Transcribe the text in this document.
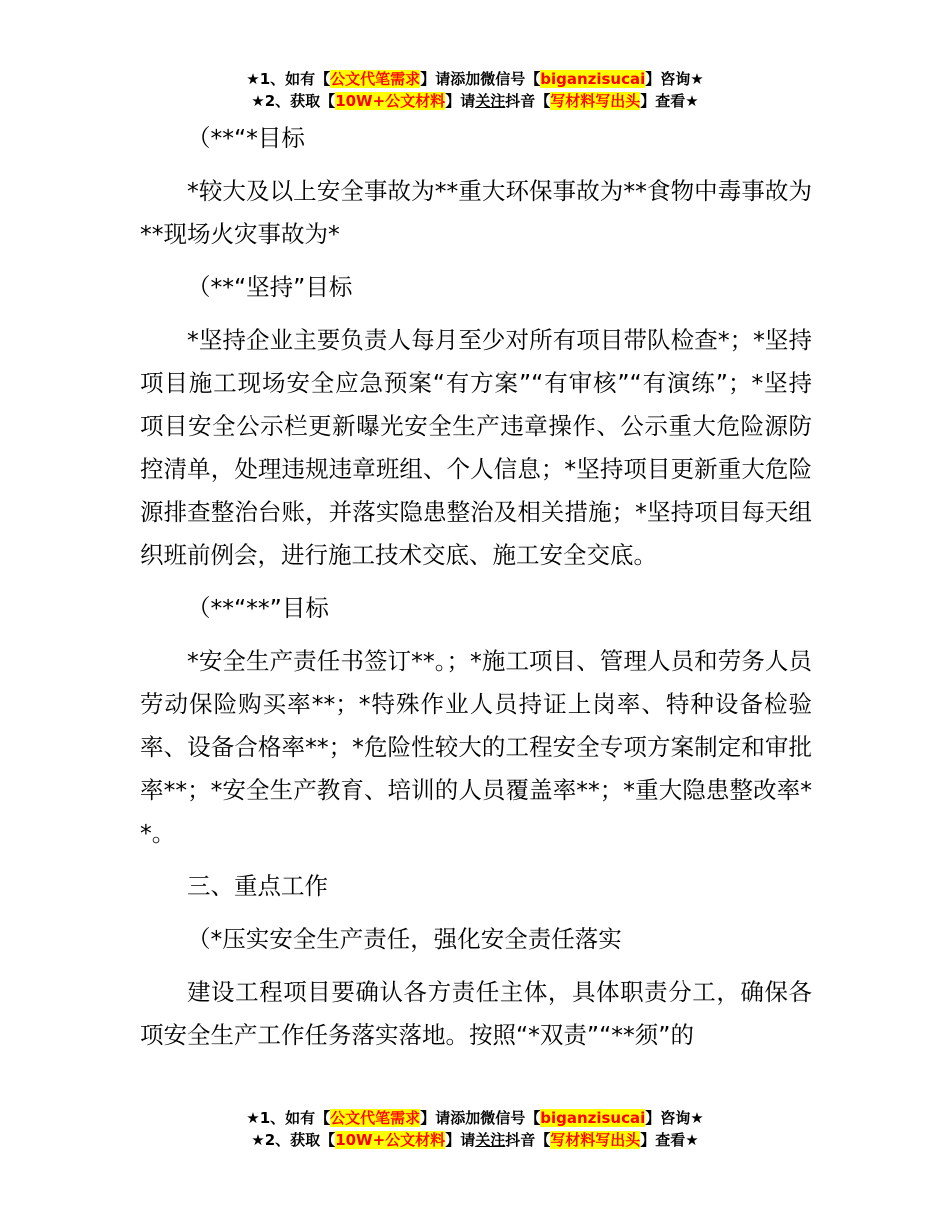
★1、如有【公文代笔需求】请添加微信号【biganzisucai】咨询★
★2、获取【10W+公文材料】请关注抖音【写材料写出头】查看★

（**“*目标

*较大及以上安全事故为**重大环保事故为**食物中毒事故为**现场火灾事故为*

（**“坚持”目标

*坚持企业主要负责人每月至少对所有项目带队检查*；*坚持项目施工现场安全应急预案“有方案”“有审核”“有演练”；*坚持项目安全公示栏更新曝光安全生产违章操作、公示重大危险源防控清单，处理违规违章班组、个人信息；*坚持项目更新重大危险源排查整治台账，并落实隐患整治及相关措施；*坚持项目每天组织班前例会，进行施工技术交底、施工安全交底。

（**“**”目标

*安全生产责任书签订**。；*施工项目、管理人员和劳务人员劳动保险购买率**；*特殊作业人员持证上岗率、特种设备检验率、设备合格率**；*危险性较大的工程安全专项方案制定和审批率**；*安全生产教育、培训的人员覆盖率**；*重大隐患整改率**。

三、重点工作

（*压实安全生产责任，强化安全责任落实

建设工程项目要确认各方责任主体，具体职责分工，确保各项安全生产工作任务落实落地。按照“*双责”“**须”的

★1、如有【公文代笔需求】请添加微信号【biganzisucai】咨询★
★2、获取【10W+公文材料】请关注抖音【写材料写出头】查看★
